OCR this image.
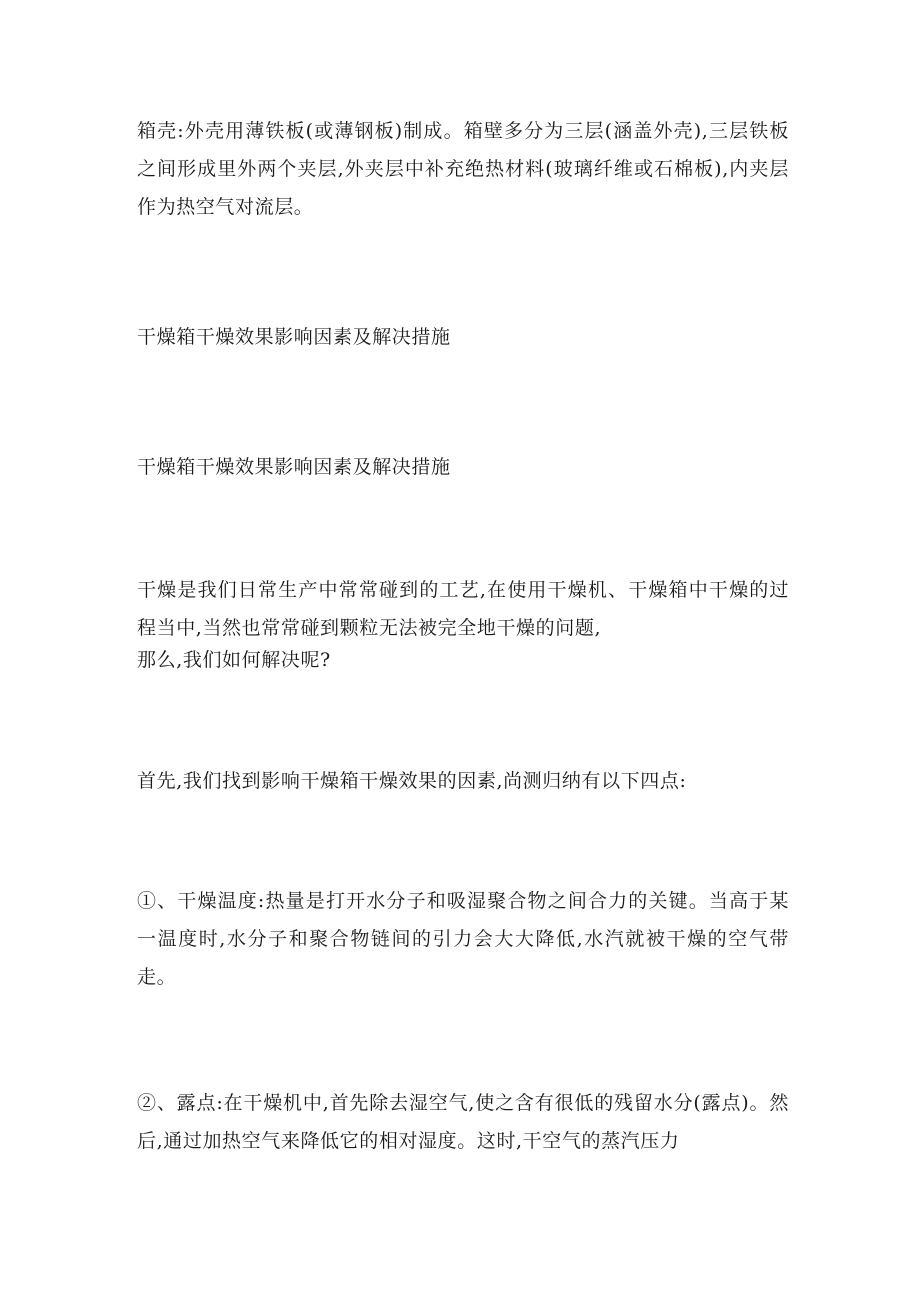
箱壳:外壳用薄铁板(或薄钢板)制成。箱壁多分为三层(涵盖外壳),三层铁板之间形成里外两个夹层,外夹层中补充绝热材料(玻璃纤维或石棉板),内夹层作为热空气对流层。

干燥箱干燥效果影响因素及解决措施

干燥箱干燥效果影响因素及解决措施

干燥是我们日常生产中常常碰到的工艺,在使用干燥机、干燥箱中干燥的过程当中,当然也常常碰到颗粒无法被完全地干燥的问题,
那么,我们如何解决呢?

首先,我们找到影响干燥箱干燥效果的因素,尚测归纳有以下四点:

①、干燥温度:热量是打开水分子和吸湿聚合物之间合力的关键。当高于某一温度时,水分子和聚合物链间的引力会大大降低,水汽就被干燥的空气带走。

②、露点:在干燥机中,首先除去湿空气,使之含有很低的残留水分(露点)。然后,通过加热空气来降低它的相对湿度。这时,干空气的蒸汽压力
